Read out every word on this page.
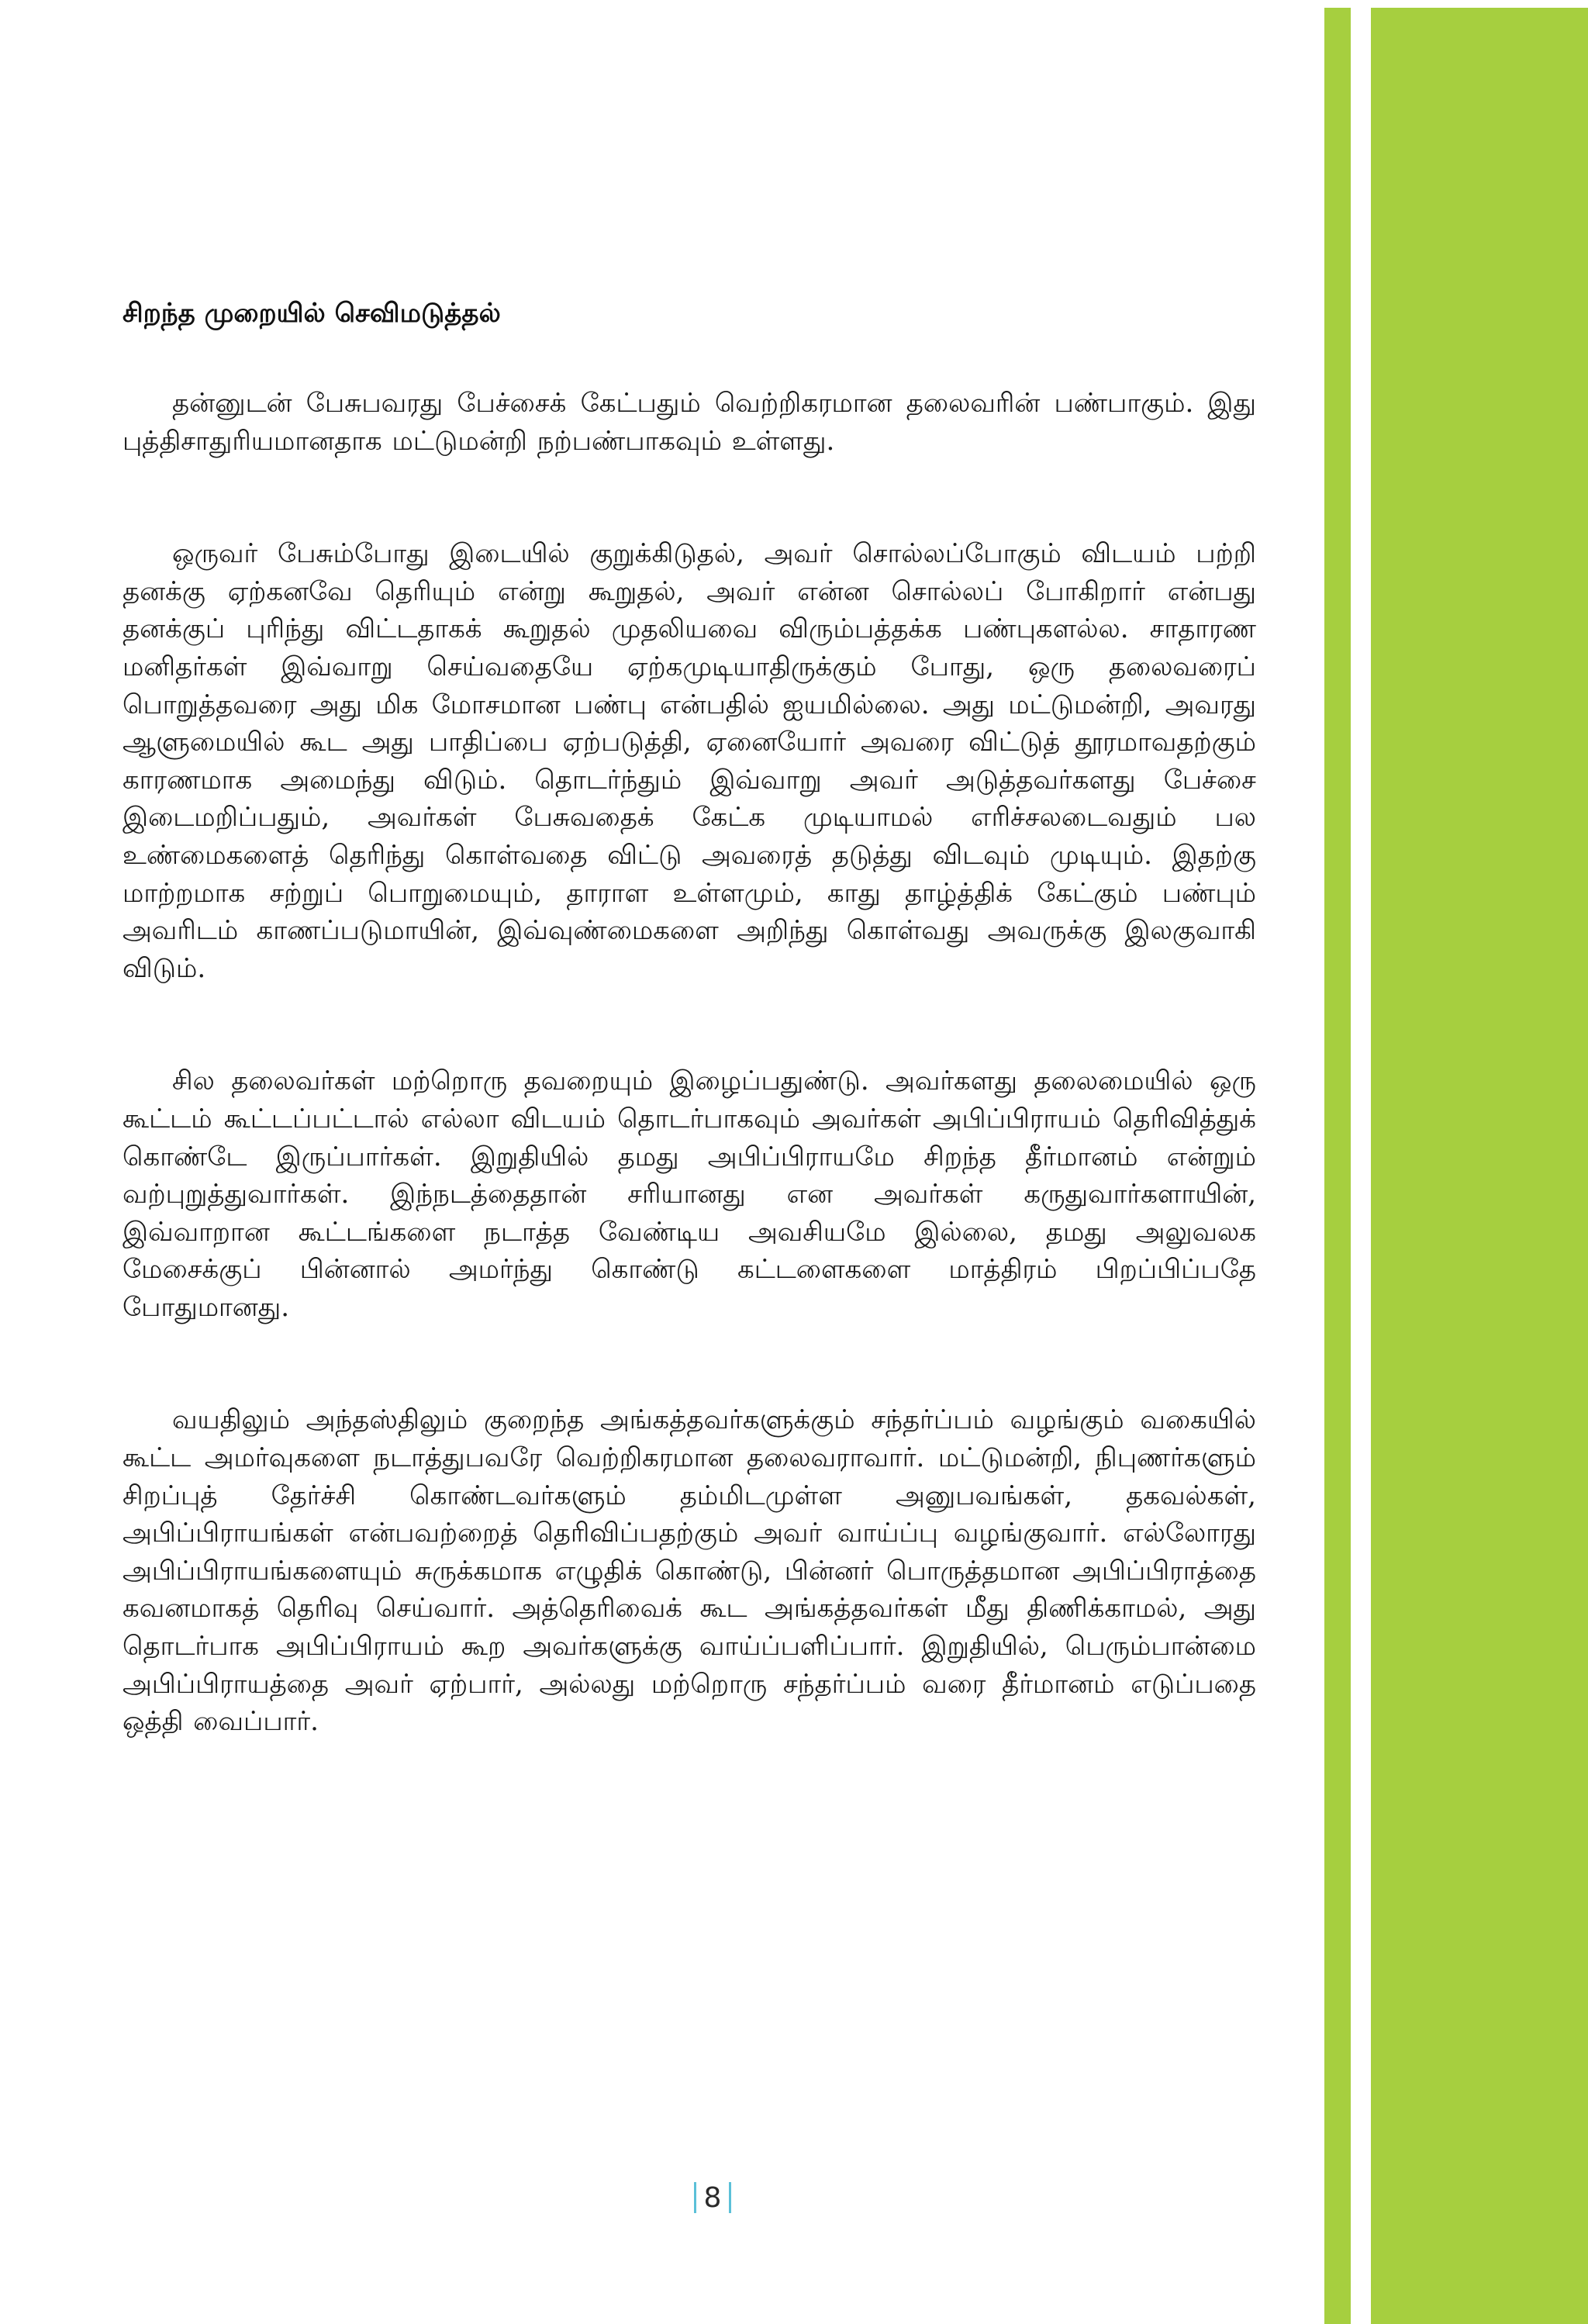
சிறந்த முறையில் செவிமடுத்தல்

தன்னுடன் பேசுபவரது பேச்சைக் கேட்பதும் வெற்றிகரமான தலைவரின் பண்பாகும். இது புத்திசாதுரியமானதாக மட்டுமன்றி நற்பண்பாகவும் உள்ளது.

ஒருவர் பேசும்போது இடையில் குறுக்கிடுதல், அவர் சொல்லப்போகும் விடயம் பற்றி தனக்கு ஏற்கனவே தெரியும் என்று கூறுதல், அவர் என்ன சொல்லப் போகிறார் என்பது தனக்குப் புரிந்து விட்டதாகக் கூறுதல் முதலியவை விரும்பத்தக்க பண்புகளல்ல. சாதாரண மனிதர்கள் இவ்வாறு செய்வதையே ஏற்கமுடியாதிருக்கும் போது, ஒரு தலைவரைப் பொறுத்தவரை அது மிக மோசமான பண்பு என்பதில் ஐயமில்லை. அது மட்டுமன்றி, அவரது ஆளுமையில் கூட அது பாதிப்பை ஏற்படுத்தி, ஏனையோர் அவரை விட்டுத் தூரமாவதற்கும் காரணமாக அமைந்து விடும். தொடர்ந்தும் இவ்வாறு அவர் அடுத்தவர்களது பேச்சை இடைமறிப்பதும், அவர்கள் பேசுவதைக் கேட்க முடியாமல் எரிச்சலடைவதும் பல உண்மைகளைத் தெரிந்து கொள்வதை விட்டு அவரைத் தடுத்து விடவும் முடியும். இதற்கு மாற்றமாக சற்றுப் பொறுமையும், தாராள உள்ளமும், காது தாழ்த்திக் கேட்கும் பண்பும் அவரிடம் காணப்படுமாயின், இவ்வுண்மைகளை அறிந்து கொள்வது அவருக்கு இலகுவாகி விடும்.

சில தலைவர்கள் மற்றொரு தவறையும் இழைப்பதுண்டு. அவர்களது தலைமையில் ஒரு கூட்டம் கூட்டப்பட்டால் எல்லா விடயம் தொடர்பாகவும் அவர்கள் அபிப்பிராயம் தெரிவித்துக் கொண்டே இருப்பார்கள். இறுதியில் தமது அபிப்பிராயமே சிறந்த தீர்மானம் என்றும் வற்புறுத்துவார்கள். இந்நடத்தைதான் சரியானது என அவர்கள் கருதுவார்களாயின், இவ்வாறான கூட்டங்களை நடாத்த வேண்டிய அவசியமே இல்லை, தமது அலுவலக மேசைக்குப் பின்னால் அமர்ந்து கொண்டு கட்டளைகளை மாத்திரம் பிறப்பிப்பதே போதுமானது.

வயதிலும் அந்தஸ்திலும் குறைந்த அங்கத்தவர்களுக்கும் சந்தர்ப்பம் வழங்கும் வகையில் கூட்ட அமர்வுகளை நடாத்துபவரே வெற்றிகரமான தலைவராவார். மட்டுமன்றி, நிபுணர்களும் சிறப்புத் தேர்ச்சி கொண்டவர்களும் தம்மிடமுள்ள அனுபவங்கள், தகவல்கள், அபிப்பிராயங்கள் என்பவற்றைத் தெரிவிப்பதற்கும் அவர் வாய்ப்பு வழங்குவார். எல்லோரது அபிப்பிராயங்களையும் சுருக்கமாக எழுதிக் கொண்டு, பின்னர் பொருத்தமான அபிப்பிராத்தை கவனமாகத் தெரிவு செய்வார். அத்தெரிவைக் கூட அங்கத்தவர்கள் மீது திணிக்காமல், அது தொடர்பாக அபிப்பிராயம் கூற அவர்களுக்கு வாய்ப்பளிப்பார். இறுதியில், பெரும்பான்மை அபிப்பிராயத்தை அவர் ஏற்பார், அல்லது மற்றொரு சந்தர்ப்பம் வரை தீர்மானம் எடுப்பதை ஒத்தி வைப்பார்.

8
